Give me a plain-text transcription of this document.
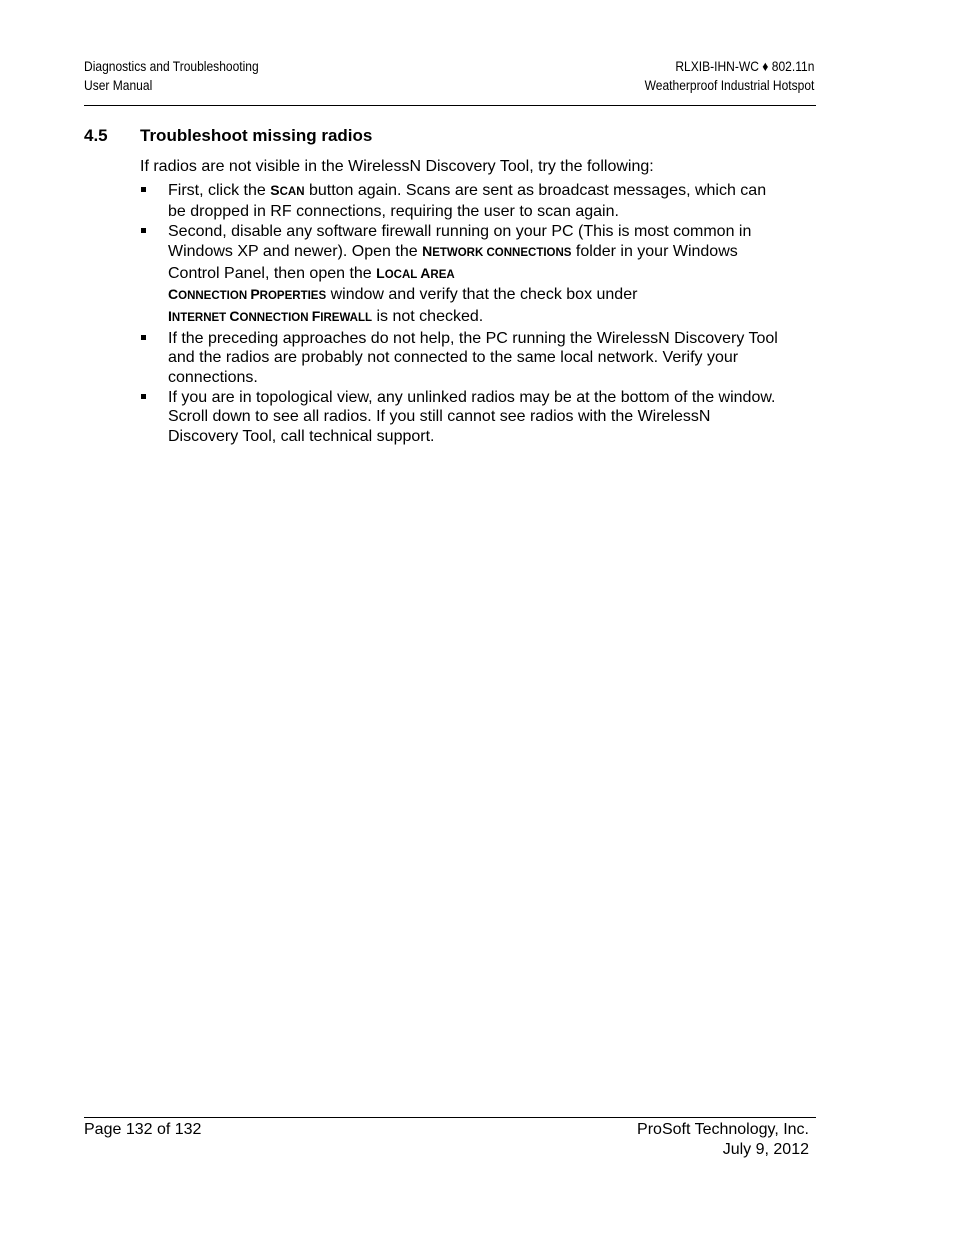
Diagnostics and Troubleshooting
User Manual
RLXIB-IHN-WC ♦ 802.11n
Weatherproof Industrial Hotspot
4.5 Troubleshoot missing radios

If radios are not visible in the WirelessN Discovery Tool, try the following:

First, click the SCAN button again. Scans are sent as broadcast messages, which can be dropped in RF connections, requiring the user to scan again.
Second, disable any software firewall running on your PC (This is most common in Windows XP and newer). Open the NETWORK CONNECTIONS folder in your Windows Control Panel, then open the LOCAL AREA
CONNECTION PROPERTIES window and verify that the check box under
INTERNET CONNECTION FIREWALL is not checked.
If the preceding approaches do not help, the PC running the WirelessN Discovery Tool and the radios are probably not connected to the same local network. Verify your connections.
If you are in topological view, any unlinked radios may be at the bottom of the window. Scroll down to see all radios. If you still cannot see radios with the WirelessN Discovery Tool, call technical support.
Page 132 of 132	ProSoft Technology, Inc.
July 9, 2012
